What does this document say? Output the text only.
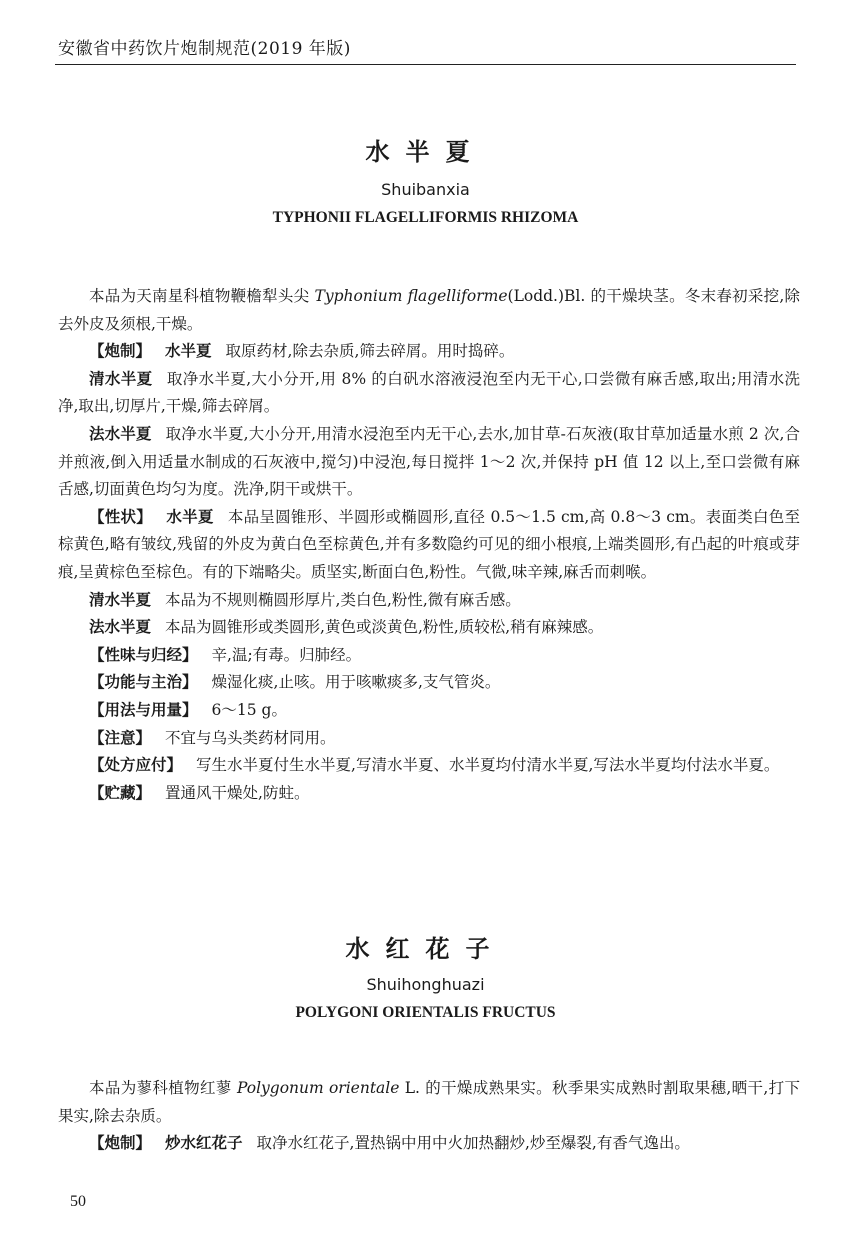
安徽省中药饮片炮制规范(2019 年版)
水半夏
Shuibanxia
TYPHONII FLAGELLIFORMIS RHIZOMA

本品为天南星科植物鞭檐犁头尖 Typhonium flagelliforme(Lodd.)Bl. 的干燥块茎。冬末春初采挖,除去外皮及须根,干燥。

【炮制】 水半夏 取原药材,除去杂质,筛去碎屑。用时捣碎。

清水半夏 取净水半夏,大小分开,用 8% 的白矾水溶液浸泡至内无干心,口尝微有麻舌感,取出;用清水洗净,取出,切厚片,干燥,筛去碎屑。

法水半夏 取净水半夏,大小分开,用清水浸泡至内无干心,去水,加甘草-石灰液(取甘草加适量水煎 2 次,合并煎液,倒入用适量水制成的石灰液中,搅匀)中浸泡,每日搅拌 1～2 次,并保持 pH 值 12 以上,至口尝微有麻舌感,切面黄色均匀为度。洗净,阴干或烘干。

【性状】 水半夏 本品呈圆锥形、半圆形或椭圆形,直径 0.5～1.5 cm,高 0.8～3 cm。表面类白色至棕黄色,略有皱纹,残留的外皮为黄白色至棕黄色,并有多数隐约可见的细小根痕,上端类圆形,有凸起的叶痕或芽痕,呈黄棕色至棕色。有的下端略尖。质坚实,断面白色,粉性。气微,味辛辣,麻舌而刺喉。

清水半夏 本品为不规则椭圆形厚片,类白色,粉性,微有麻舌感。

法水半夏 本品为圆锥形或类圆形,黄色或淡黄色,粉性,质较松,稍有麻辣感。

【性味与归经】 辛,温;有毒。归肺经。

【功能与主治】 燥湿化痰,止咳。用于咳嗽痰多,支气管炎。

【用法与用量】 6～15 g。

【注意】 不宜与乌头类药材同用。

【处方应付】 写生水半夏付生水半夏,写清水半夏、水半夏均付清水半夏,写法水半夏均付法水半夏。

【贮藏】 置通风干燥处,防蛀。

水红花子
Shuihonghuazi
POLYGONI ORIENTALIS FRUCTUS

本品为蓼科植物红蓼 Polygonum orientale L. 的干燥成熟果实。秋季果实成熟时割取果穗,晒干,打下果实,除去杂质。

【炮制】 炒水红花子 取净水红花子,置热锅中用中火加热翻炒,炒至爆裂,有香气逸出。

50
